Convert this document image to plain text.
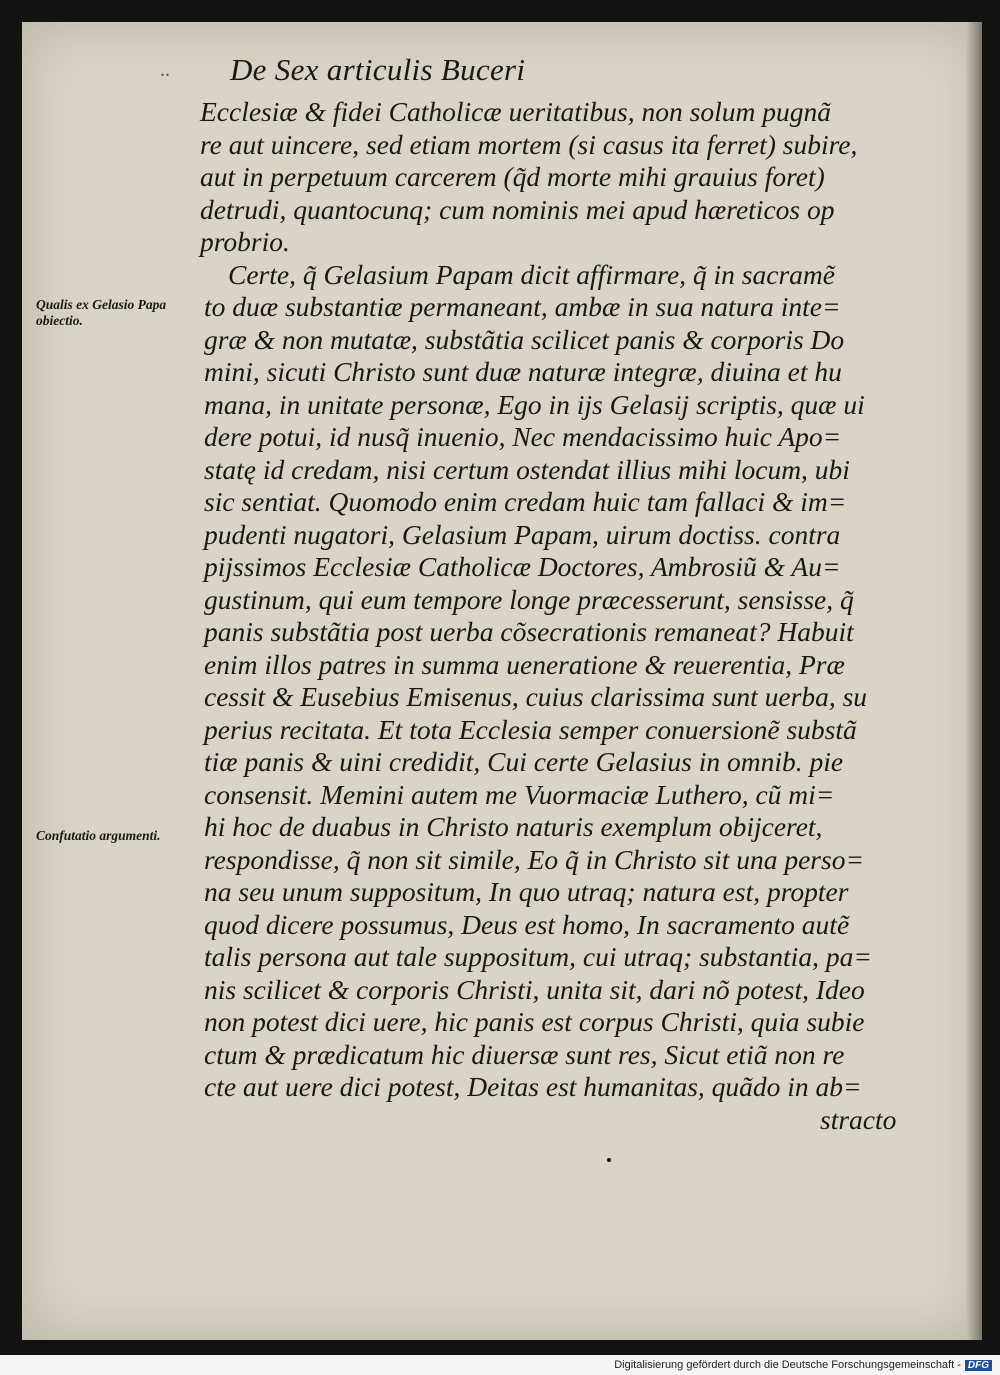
..	De Sex articulis Buceri
Qualis ex Gelasio Papa obiectio.
Confutatio argumenti.
Ecclesiæ & fidei Catholicæ ueritatibus, non solum pugnã
re aut uincere, sed etiam mortem (si casus ita ferret) subire,
aut in perpetuum carcerem (q̃d morte mihi grauius foret)
detrudi, quantocunq; cum nominis mei apud hæreticos op
probrio.
Certe, q̃ Gelasium Papam dicit affirmare, q̃ in sacramẽ
to duæ substantiæ permaneant, ambæ in sua natura inte=
græ & non mutatæ, substãtia scilicet panis & corporis Do
mini, sicuti Christo sunt duæ naturæ integræ, diuina et hu
mana, in unitate personæ, Ego in ijs Gelasij scriptis, quæ ui
dere potui, id nusq̃ inuenio, Nec mendacissimo huic Apo=
statę id credam, nisi certum ostendat illius mihi locum, ubi
sic sentiat. Quomodo enim credam huic tam fallaci & im=
pudenti nugatori, Gelasium Papam, uirum doctiss. contra
pijssimos Ecclesiæ Catholicæ Doctores, Ambrosiũ & Au=
gustinum, qui eum tempore longe præcesserunt, sensisse, q̃
panis substãtia post uerba cõsecrationis remaneat? Habuit
enim illos patres in summa ueneratione & reuerentia, Præ
cessit & Eusebius Emisenus, cuius clarissima sunt uerba, su
perius recitata. Et tota Ecclesia semper conuersionẽ substã
tiæ panis & uini credidit, Cui certe Gelasius in omnib. pie
consensit. Memini autem me Vuormaciæ Luthero, cũ mi=
hi hoc de duabus in Christo naturis exemplum obijceret,
respondisse, q̃ non sit simile, Eo q̃ in Christo sit una perso=
na seu unum suppositum, In quo utraq; natura est, propter
quod dicere possumus, Deus est homo, In sacramento autẽ
talis persona aut tale suppositum, cui utraq; substantia, pa=
nis scilicet & corporis Christi, unita sit, dari nõ potest, Ideo
non potest dici uere, hic panis est corpus Christi, quia subie
ctum & prædicatum hic diuersæ sunt res, Sicut etiã non re
cte aut uere dici potest, Deitas est humanitas, quãdo in ab=
stracto
Digitalisierung gefördert durch die Deutsche Forschungsgemeinschaft - DFG
